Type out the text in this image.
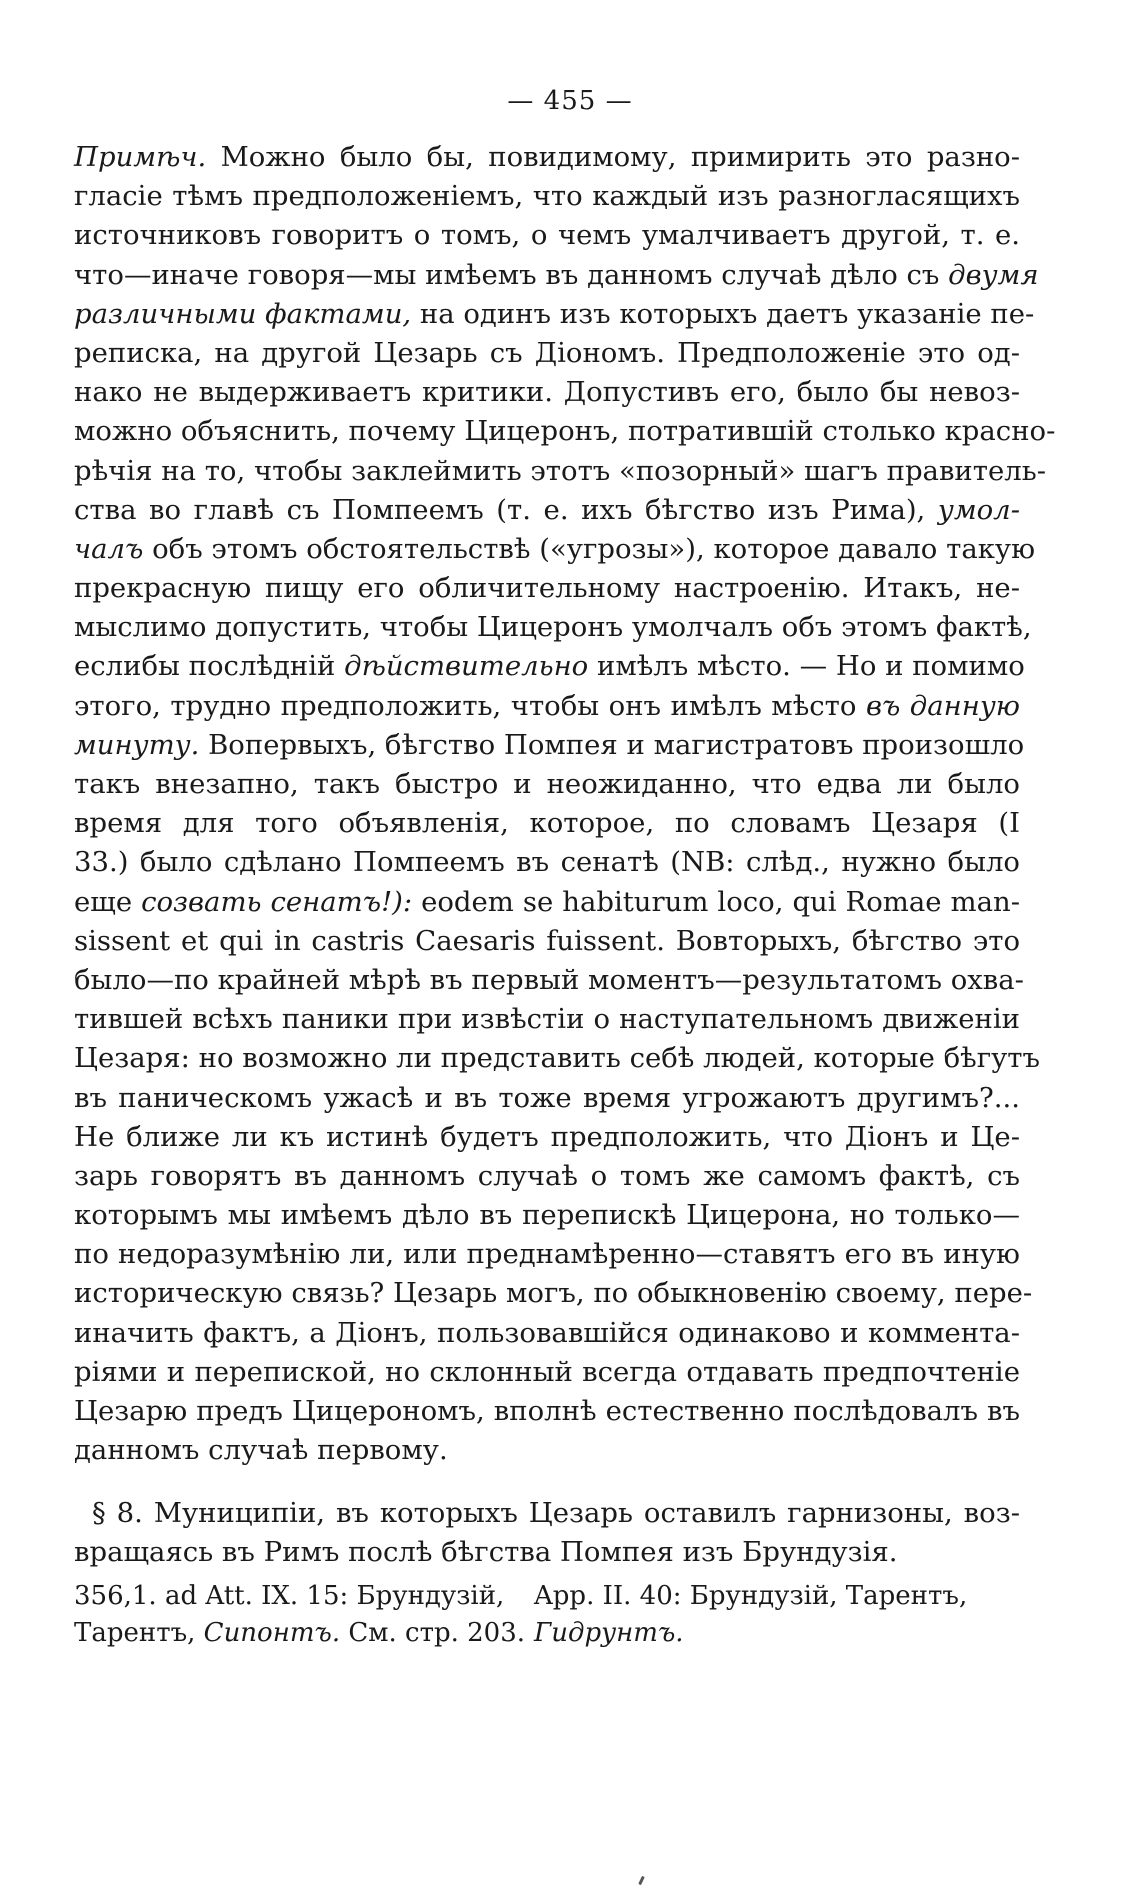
— 455 —
Примѣч. Можно было бы, повидимому, примирить это разно-
гласіе тѣмъ предположеніемъ, что каждый изъ разногласящихъ
источниковъ говоритъ о томъ, о чемъ умалчиваетъ другой, т. е.
что—иначе говоря—мы имѣемъ въ данномъ случаѣ дѣло съ двумя
различными фактами, на одинъ изъ которыхъ даетъ указаніе пе-
реписка, на другой Цезарь съ Діономъ. Предположеніе это од-
нако не выдерживаетъ критики. Допустивъ его, было бы невоз-
можно объяснить, почему Цицеронъ, потратившій столько красно-
рѣчія на то, чтобы заклеймить этотъ «позорный» шагъ правитель-
ства во главѣ съ Помпеемъ (т. е. ихъ бѣгство изъ Рима), умол-
чалъ объ этомъ обстоятельствѣ («угрозы»), которое давало такую
прекрасную пищу его обличительному настроенію. Итакъ, не-
мыслимо допустить, чтобы Цицеронъ умолчалъ объ этомъ фактѣ,
еслибы послѣдній дѣйствительно имѣлъ мѣсто. — Но и помимо
этого, трудно предположить, чтобы онъ имѣлъ мѣсто въ данную
минуту. Вопервыхъ, бѣгство Помпея и магистратовъ произошло
такъ внезапно, такъ быстро и неожиданно, что едва ли было
время для того объявленія, которое, по словамъ Цезаря (I
33.) было сдѣлано Помпеемъ въ сенатѣ (NB: слѣд., нужно было
еще созвать сенатъ!): eodem se habiturum loco, qui Romae man-
sissent et qui in castris Caesaris fuissent. Вовторыхъ, бѣгство это
было—по крайней мѣрѣ въ первый моментъ—результатомъ охва-
тившей всѣхъ паники при извѣстіи о наступательномъ движеніи
Цезаря: но возможно ли представить себѣ людей, которые бѣгутъ
въ паническомъ ужасѣ и въ тоже время угрожаютъ другимъ?...
Не ближе ли къ истинѣ будетъ предположить, что Діонъ и Це-
зарь говорятъ въ данномъ случаѣ о томъ же самомъ фактѣ, съ
которымъ мы имѣемъ дѣло въ перепискѣ Цицерона, но только—
по недоразумѣнію ли, или преднамѣренно—ставятъ его въ иную
историческую связь? Цезарь могъ, по обыкновенію своему, пере-
иначить фактъ, а Діонъ, пользовавшійся одинаково и коммента-
ріями и перепиской, но склонный всегда отдавать предпочтеніе
Цезарю предъ Цицерономъ, вполнѣ естественно послѣдовалъ въ
данномъ случаѣ первому.
§ 8. Муниципіи, въ которыхъ Цезарь оставилъ гарнизоны, воз-
вращаясь въ Римъ послѣ бѣгства Помпея изъ Брундузія.
356,1. ad Att. IX. 15: Брундузій,	App. II. 40: Брундузій, Тарентъ,
Тарентъ, Сипонтъ. См. стр. 203. Гидрунтъ.
